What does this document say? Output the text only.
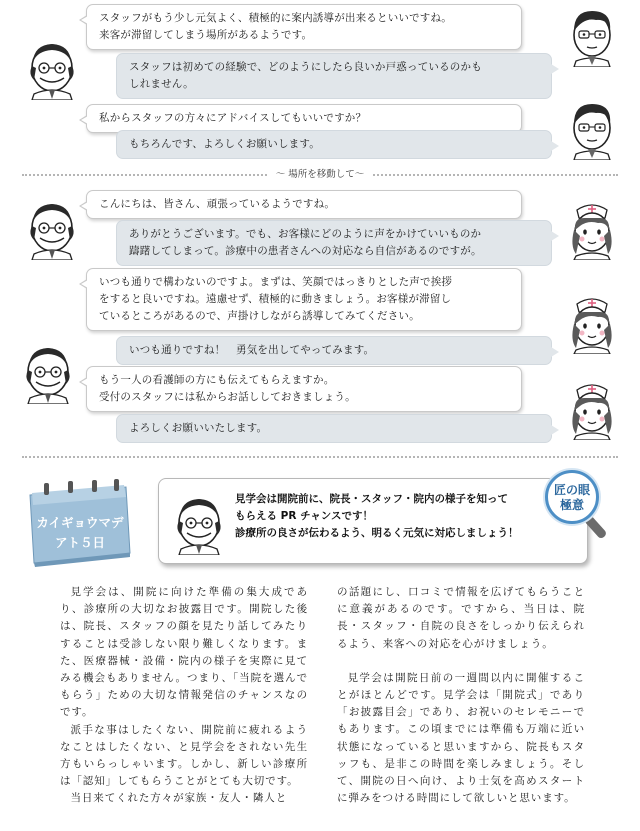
スタッフがもう少し元気よく、積極的に案内誘導が出来るといいですね。
来客が滞留してしまう場所があるようです。
スタッフは初めての経験で、どのようにしたら良いか戸惑っているのかも
しれません。
私からスタッフの方々にアドバイスしてもいいですか？
もちろんです、よろしくお願いします。
～ 場所を移動して～
こんにちは、皆さん、頑張っているようですね。
ありがとうございます。でも、お客様にどのように声をかけていいものか
躊躇してしまって。診療中の患者さんへの対応なら自信があるのですが。
いつも通りで構わないのですよ。まずは、笑顔ではっきりとした声で挨拶
をすると良いですね。遠慮せず、積極的に動きましょう。お客様が滞留し
ているところがあるので、声掛けしながら誘導してみてください。
いつも通りですね！　勇気を出してやってみます。
もう一人の看護師の方にも伝えてもらえますか。
受付のスタッフには私からお話ししておきましょう。
よろしくお願いいたします。
カイギョウマデ
アト５日
見学会は開院前に、院長・スタッフ・院内の様子を知って
もらえる PR チャンスです！
診療所の良さが伝わるよう、明るく元気に対応しましょう！
匠の眼
極意

見学会は、開院に向けた準備の集大成であり、診療所の大切なお披露目です。開院した後は、院長、スタッフの顔を見たり話してみたりすることは受診しない限り難しくなります。また、医療器械・設備・院内の様子を実際に見てみる機会もありません。つまり、「当院を選んでもらう」ための大切な情報発信のチャンスなのです。

派手な事はしたくない、開院前に疲れるようなことはしたくない、と見学会をされない先生方もいらっしゃいます。しかし、新しい診療所は「認知」してもらうことがとても大切です。

当日来てくれた方々が家族・友人・隣人と

の話題にし、口コミで情報を広げてもらうことに意義があるのです。ですから、当日は、院長・スタッフ・自院の良さをしっかり伝えられるよう、来客への対応を心がけましょう。

見学会は開院日前の一週間以内に開催することがほとんどです。見学会は「開院式」であり「お披露目会」であり、お祝いのセレモニーでもあります。この頃までには準備も万端に近い状態になっていると思いますから、院長もスタッフも、是非この時間を楽しみましょう。そして、開院の日へ向け、より士気を高めスタートに弾みをつける時間にして欲しいと思います。
